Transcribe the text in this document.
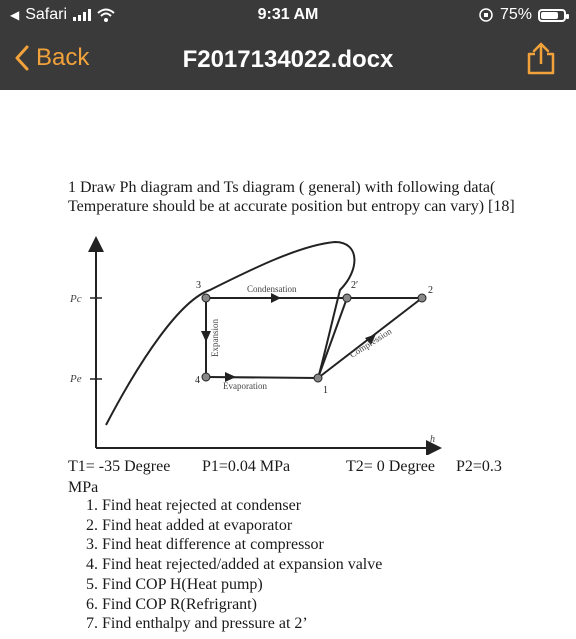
◀ Safari	9:31 AM	75%
Back	F2017134022.docx
1 Draw Ph diagram and Ts diagram ( general) with following data( Temperature should be at accurate position but entropy can vary) [18]
Pc
Pe
h
3	2′	2
4
1
Condensation
Evaporation
Expansion	Compression
T1= -35 Degree P1=0.04 MPa	T2= 0 Degree P2=0.3
MPa
1. Find heat rejected at condenser
2. Find heat added at evaporator
3. Find heat difference at compressor
4. Find heat rejected/added at expansion valve
5. Find COP H(Heat pump)
6. Find COP R(Refrigrant)
7. Find enthalpy and pressure at 2’
